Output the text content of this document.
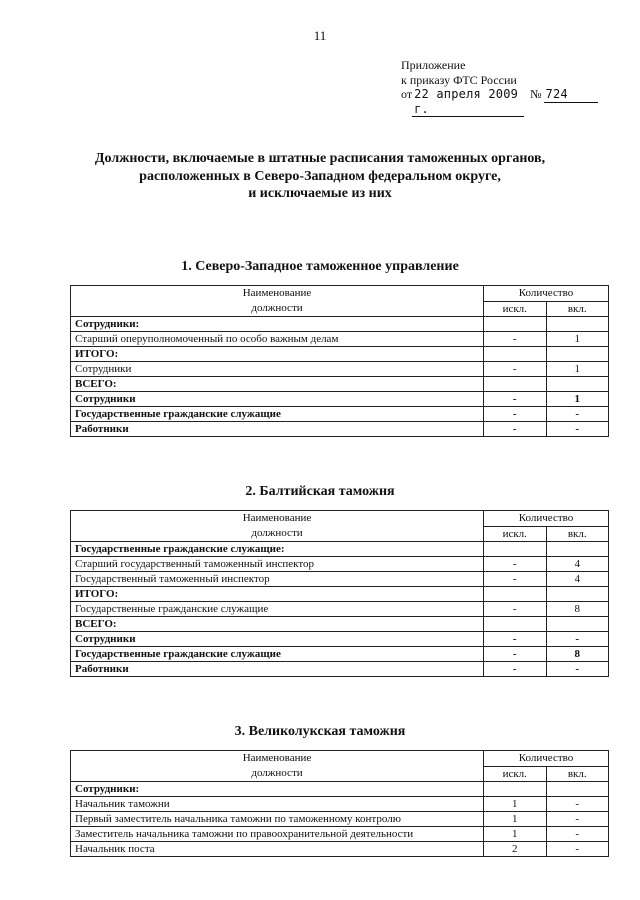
11
Приложение
к приказу ФТС России
от 22 апреля 2009 г.
№ 724
Должности, включаемые в штатные расписания таможенных органов,
расположенных в Северо-Западном федеральном округе,
и исключаемые из них
1. Северо-Западное таможенное управление
Наименование
должности	Количество	
	искл.	вкл.
Сотрудники:		
Старший оперуполномоченный по особо важным делам	-	1
ИТОГО:		
Сотрудники	-	1
ВСЕГО:		
Сотрудники	-	1
Государственные гражданские служащие	-	-
Работники	-	-
2. Балтийская таможня
Наименование
должности	Количество	
	искл.	вкл.
Государственные гражданские служащие:		
Старший государственный таможенный инспектор	-	4
Государственный таможенный инспектор	-	4
ИТОГО:		
Государственные гражданские служащие	-	8
ВСЕГО:		
Сотрудники	-	-
Государственные гражданские служащие	-	8
Работники	-	-
3. Великолукская таможня
Наименование
должности	Количество	
	искл.	вкл.
Сотрудники:		
Начальник таможни	1	-
Первый заместитель начальника таможни по таможенному контролю	1	-
Заместитель начальника таможни по правоохранительной деятельности	1	-
Начальник поста	2	-
